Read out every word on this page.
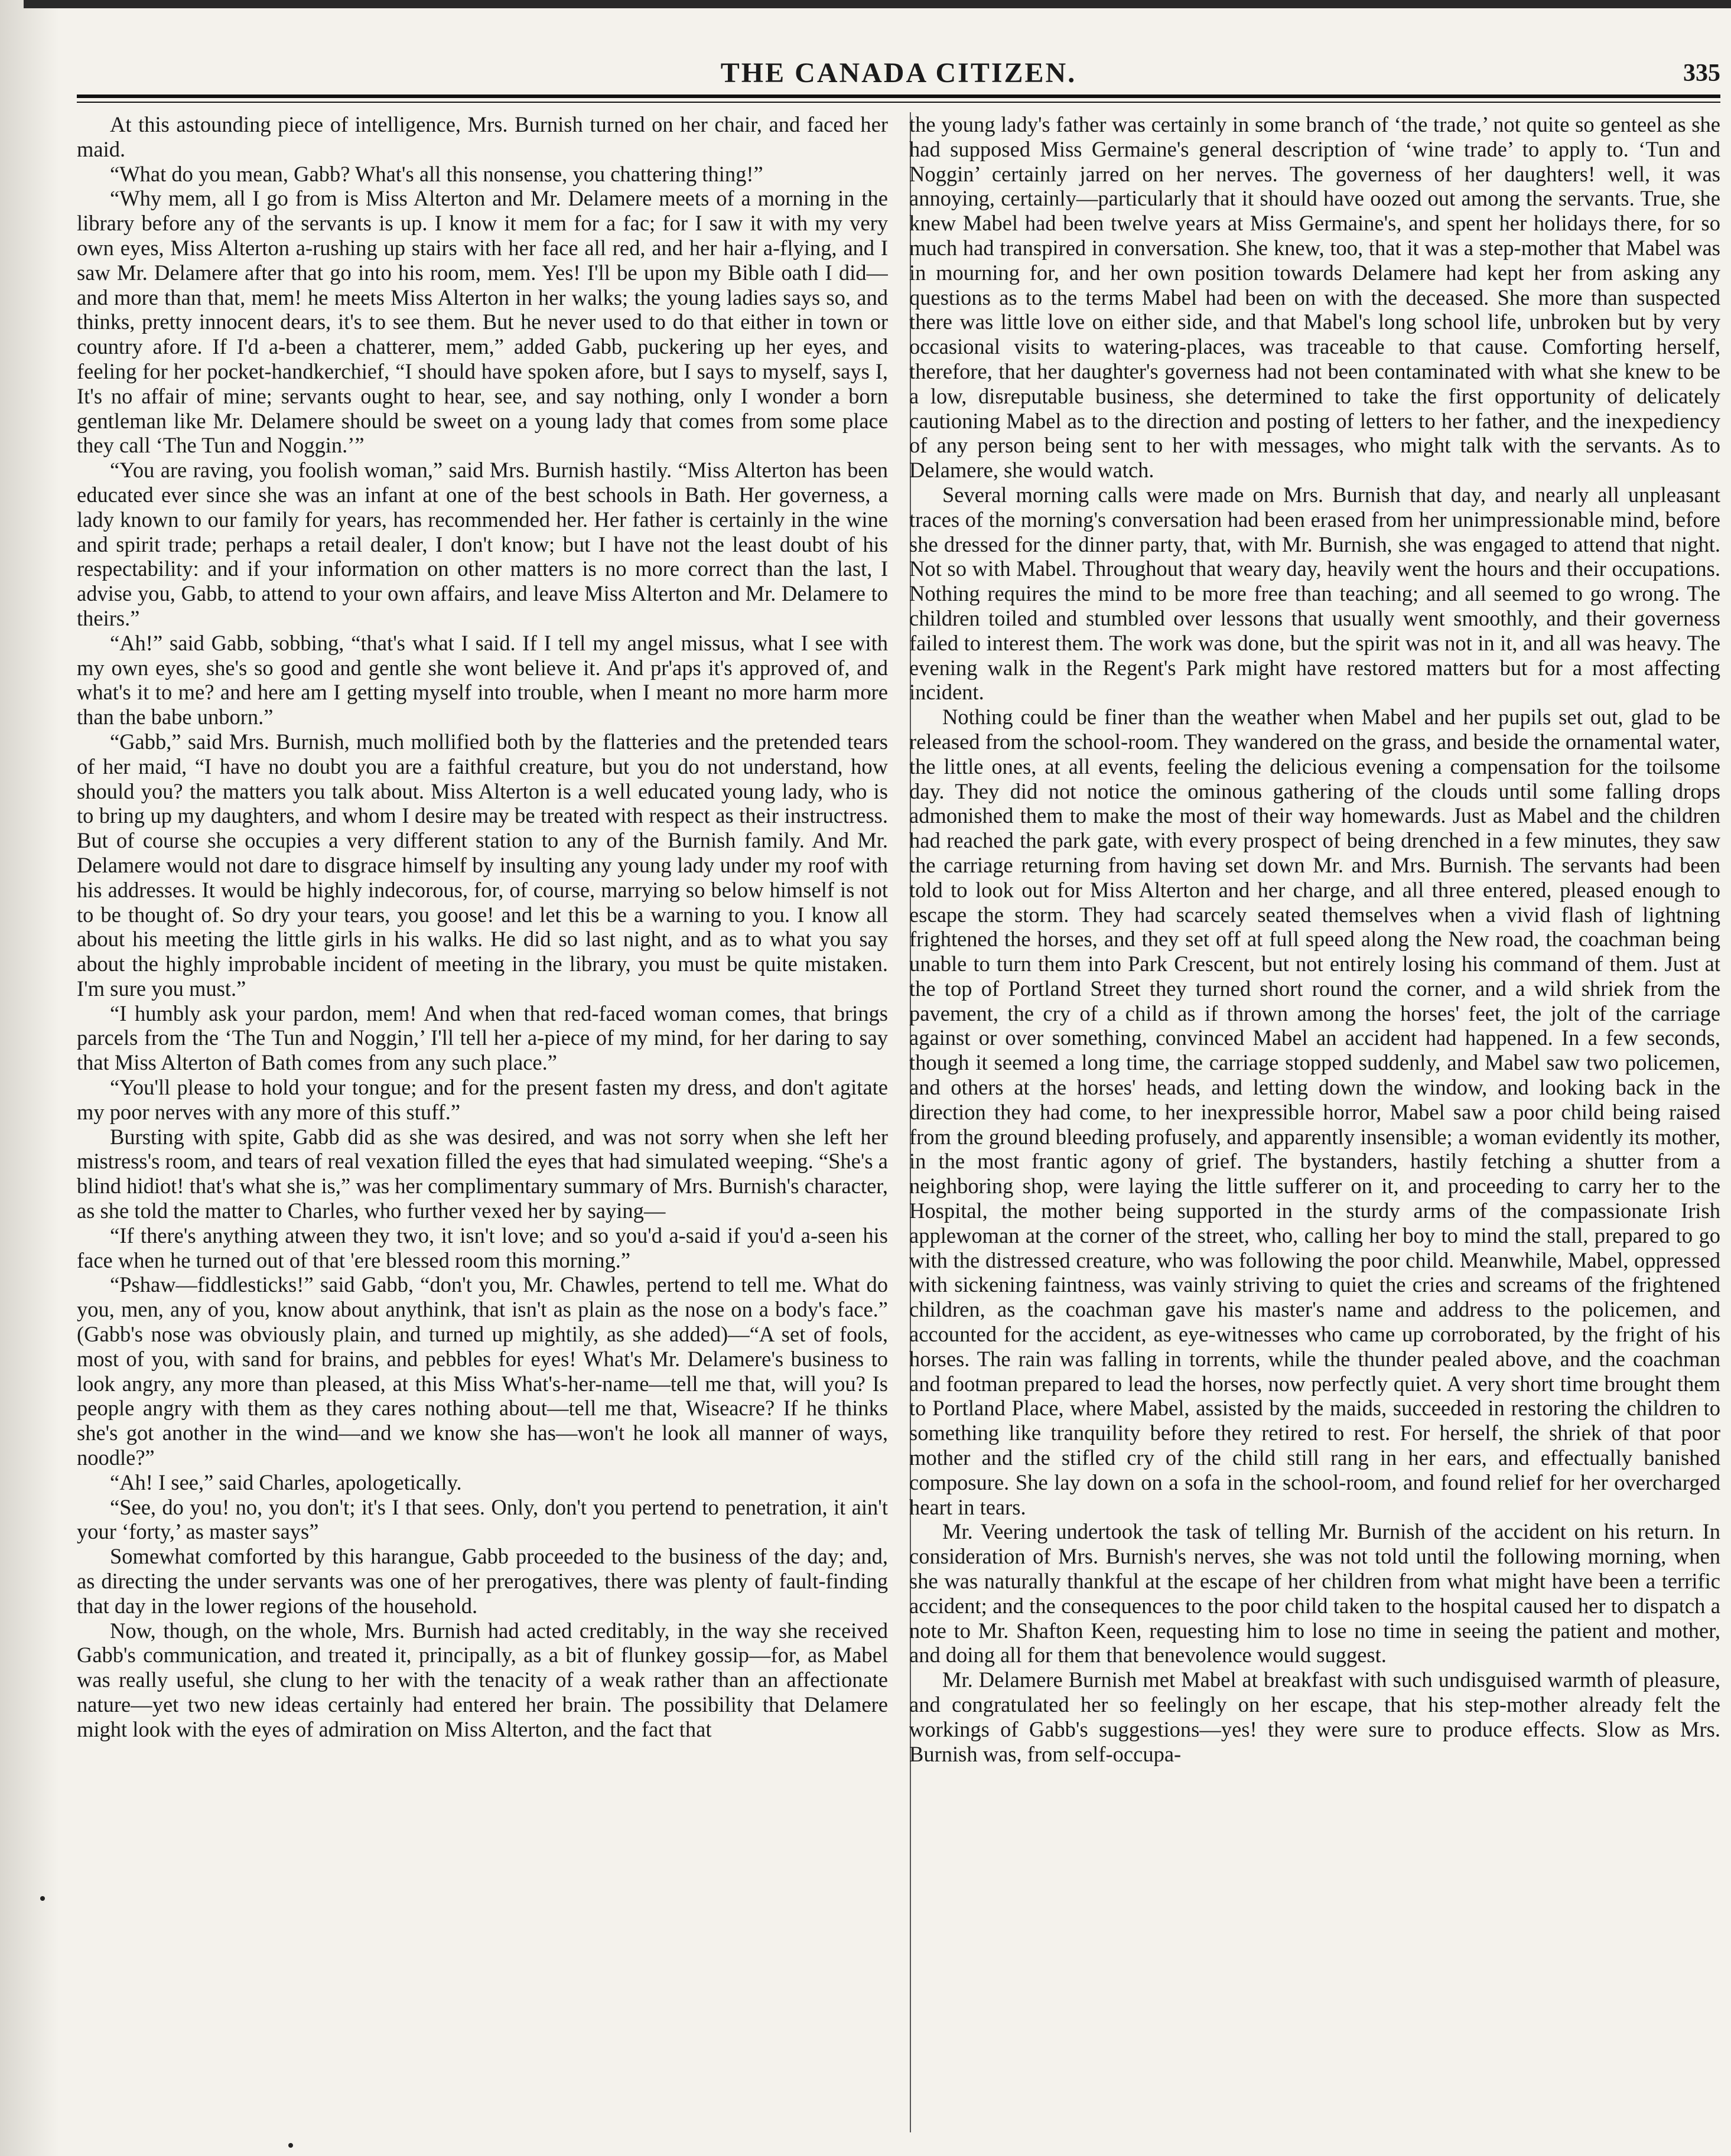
THE CANADA CITIZEN.	335

At this astounding piece of intelligence, Mrs. Burnish turned on her chair, and faced her maid.

“What do you mean, Gabb? What's all this nonsense, you chattering thing!”

“Why mem, all I go from is Miss Alterton and Mr. Delamere meets of a morning in the library before any of the servants is up. I know it mem for a fac; for I saw it with my very own eyes, Miss Alterton a-rushing up stairs with her face all red, and her hair a-flying, and I saw Mr. Delamere after that go into his room, mem. Yes! I'll be upon my Bible oath I did—and more than that, mem! he meets Miss Alterton in her walks; the young ladies says so, and thinks, pretty innocent dears, it's to see them. But he never used to do that either in town or country afore. If I'd a-been a chatterer, mem,” added Gabb, puckering up her eyes, and feeling for her pocket-handkerchief, “I should have spoken afore, but I says to myself, says I, It's no affair of mine; servants ought to hear, see, and say nothing, only I wonder a born gentleman like Mr. Delamere should be sweet on a young lady that comes from some place they call ‘The Tun and Noggin.’”

“You are raving, you foolish woman,” said Mrs. Burnish hastily. “Miss Alterton has been educated ever since she was an infant at one of the best schools in Bath. Her governess, a lady known to our family for years, has recommended her. Her father is certainly in the wine and spirit trade; perhaps a retail dealer, I don't know; but I have not the least doubt of his respectability: and if your information on other matters is no more correct than the last, I advise you, Gabb, to attend to your own affairs, and leave Miss Alterton and Mr. Delamere to theirs.”

“Ah!” said Gabb, sobbing, “that's what I said. If I tell my angel missus, what I see with my own eyes, she's so good and gentle she wont believe it. And pr'aps it's approved of, and what's it to me? and here am I getting myself into trouble, when I meant no more harm more than the babe unborn.”

“Gabb,” said Mrs. Burnish, much mollified both by the flatteries and the pretended tears of her maid, “I have no doubt you are a faithful creature, but you do not understand, how should you? the matters you talk about. Miss Alterton is a well educated young lady, who is to bring up my daughters, and whom I desire may be treated with respect as their instructress. But of course she occupies a very different station to any of the Burnish family. And Mr. Delamere would not dare to disgrace himself by insulting any young lady under my roof with his addresses. It would be highly indecorous, for, of course, marrying so below himself is not to be thought of. So dry your tears, you goose! and let this be a warning to you. I know all about his meeting the little girls in his walks. He did so last night, and as to what you say about the highly improbable incident of meeting in the library, you must be quite mistaken. I'm sure you must.”

“I humbly ask your pardon, mem! And when that red-faced woman comes, that brings parcels from the ‘The Tun and Noggin,’ I'll tell her a-piece of my mind, for her daring to say that Miss Alterton of Bath comes from any such place.”

“You'll please to hold your tongue; and for the present fasten my dress, and don't agitate my poor nerves with any more of this stuff.”

Bursting with spite, Gabb did as she was desired, and was not sorry when she left her mistress's room, and tears of real vexation filled the eyes that had simulated weeping. “She's a blind hidiot! that's what she is,” was her complimentary summary of Mrs. Burnish's character, as she told the matter to Charles, who further vexed her by saying—

“If there's anything atween they two, it isn't love; and so you'd a-said if you'd a-seen his face when he turned out of that 'ere blessed room this morning.”

“Pshaw—fiddlesticks!” said Gabb, “don't you, Mr. Chawles, pertend to tell me. What do you, men, any of you, know about anythink, that isn't as plain as the nose on a body's face.” (Gabb's nose was obviously plain, and turned up mightily, as she added)—“A set of fools, most of you, with sand for brains, and pebbles for eyes! What's Mr. Delamere's business to look angry, any more than pleased, at this Miss What's-her-name—tell me that, will you? Is people angry with them as they cares nothing about—tell me that, Wiseacre? If he thinks she's got another in the wind—and we know she has—won't he look all manner of ways, noodle?”

“Ah! I see,” said Charles, apologetically.

“See, do you! no, you don't; it's I that sees. Only, don't you pertend to penetration, it ain't your ‘forty,’ as master says”

Somewhat comforted by this harangue, Gabb proceeded to the business of the day; and, as directing the under servants was one of her prerogatives, there was plenty of fault-finding that day in the lower regions of the household.

Now, though, on the whole, Mrs. Burnish had acted creditably, in the way she received Gabb's communication, and treated it, principally, as a bit of flunkey gossip—for, as Mabel was really useful, she clung to her with the tenacity of a weak rather than an affectionate nature—yet two new ideas certainly had entered her brain. The possibility that Delamere might look with the eyes of admiration on Miss Alterton, and the fact that

the young lady's father was certainly in some branch of ‘the trade,’ not quite so genteel as she had supposed Miss Germaine's general description of ‘wine trade’ to apply to. ‘Tun and Noggin’ certainly jarred on her nerves. The governess of her daughters! well, it was annoying, certainly—particularly that it should have oozed out among the servants. True, she knew Mabel had been twelve years at Miss Germaine's, and spent her holidays there, for so much had transpired in conversation. She knew, too, that it was a step-mother that Mabel was in mourning for, and her own position towards Delamere had kept her from asking any questions as to the terms Mabel had been on with the deceased. She more than suspected there was little love on either side, and that Mabel's long school life, unbroken but by very occasional visits to watering-places, was traceable to that cause. Comforting herself, therefore, that her daughter's governess had not been contaminated with what she knew to be a low, disreputable business, she determined to take the first opportunity of delicately cautioning Mabel as to the direction and posting of letters to her father, and the inexpediency of any person being sent to her with messages, who might talk with the servants. As to Delamere, she would watch.

Several morning calls were made on Mrs. Burnish that day, and nearly all unpleasant traces of the morning's conversation had been erased from her unimpressionable mind, before she dressed for the dinner party, that, with Mr. Burnish, she was engaged to attend that night. Not so with Mabel. Throughout that weary day, heavily went the hours and their occupations. Nothing requires the mind to be more free than teaching; and all seemed to go wrong. The children toiled and stumbled over lessons that usually went smoothly, and their governess failed to interest them. The work was done, but the spirit was not in it, and all was heavy. The evening walk in the Regent's Park might have restored matters but for a most affecting incident.

Nothing could be finer than the weather when Mabel and her pupils set out, glad to be released from the school-room. They wandered on the grass, and beside the ornamental water, the little ones, at all events, feeling the delicious evening a compensation for the toilsome day. They did not notice the ominous gathering of the clouds until some falling drops admonished them to make the most of their way homewards. Just as Mabel and the children had reached the park gate, with every prospect of being drenched in a few minutes, they saw the carriage returning from having set down Mr. and Mrs. Burnish. The servants had been told to look out for Miss Alterton and her charge, and all three entered, pleased enough to escape the storm. They had scarcely seated themselves when a vivid flash of lightning frightened the horses, and they set off at full speed along the New road, the coachman being unable to turn them into Park Crescent, but not entirely losing his command of them. Just at the top of Portland Street they turned short round the corner, and a wild shriek from the pavement, the cry of a child as if thrown among the horses' feet, the jolt of the carriage against or over something, convinced Mabel an accident had happened. In a few seconds, though it seemed a long time, the carriage stopped suddenly, and Mabel saw two policemen, and others at the horses' heads, and letting down the window, and looking back in the direction they had come, to her inexpressible horror, Mabel saw a poor child being raised from the ground bleeding profusely, and apparently insensible; a woman evidently its mother, in the most frantic agony of grief. The bystanders, hastily fetching a shutter from a neighboring shop, were laying the little sufferer on it, and proceeding to carry her to the Hospital, the mother being supported in the sturdy arms of the compassionate Irish applewoman at the corner of the street, who, calling her boy to mind the stall, prepared to go with the distressed creature, who was following the poor child. Meanwhile, Mabel, oppressed with sickening faintness, was vainly striving to quiet the cries and screams of the frightened children, as the coachman gave his master's name and address to the policemen, and accounted for the accident, as eye-witnesses who came up corroborated, by the fright of his horses. The rain was falling in torrents, while the thunder pealed above, and the coachman and footman prepared to lead the horses, now perfectly quiet. A very short time brought them to Portland Place, where Mabel, assisted by the maids, succeeded in restoring the children to something like tranquility before they retired to rest. For herself, the shriek of that poor mother and the stifled cry of the child still rang in her ears, and effectually banished composure. She lay down on a sofa in the school-room, and found relief for her overcharged heart in tears.

Mr. Veering undertook the task of telling Mr. Burnish of the accident on his return. In consideration of Mrs. Burnish's nerves, she was not told until the following morning, when she was naturally thankful at the escape of her children from what might have been a terrific accident; and the consequences to the poor child taken to the hospital caused her to dispatch a note to Mr. Shafton Keen, requesting him to lose no time in seeing the patient and mother, and doing all for them that benevolence would suggest.

Mr. Delamere Burnish met Mabel at breakfast with such undisguised warmth of pleasure, and congratulated her so feelingly on her escape, that his step-mother already felt the workings of Gabb's suggestions—yes! they were sure to produce effects. Slow as Mrs. Burnish was, from self-occupa-
